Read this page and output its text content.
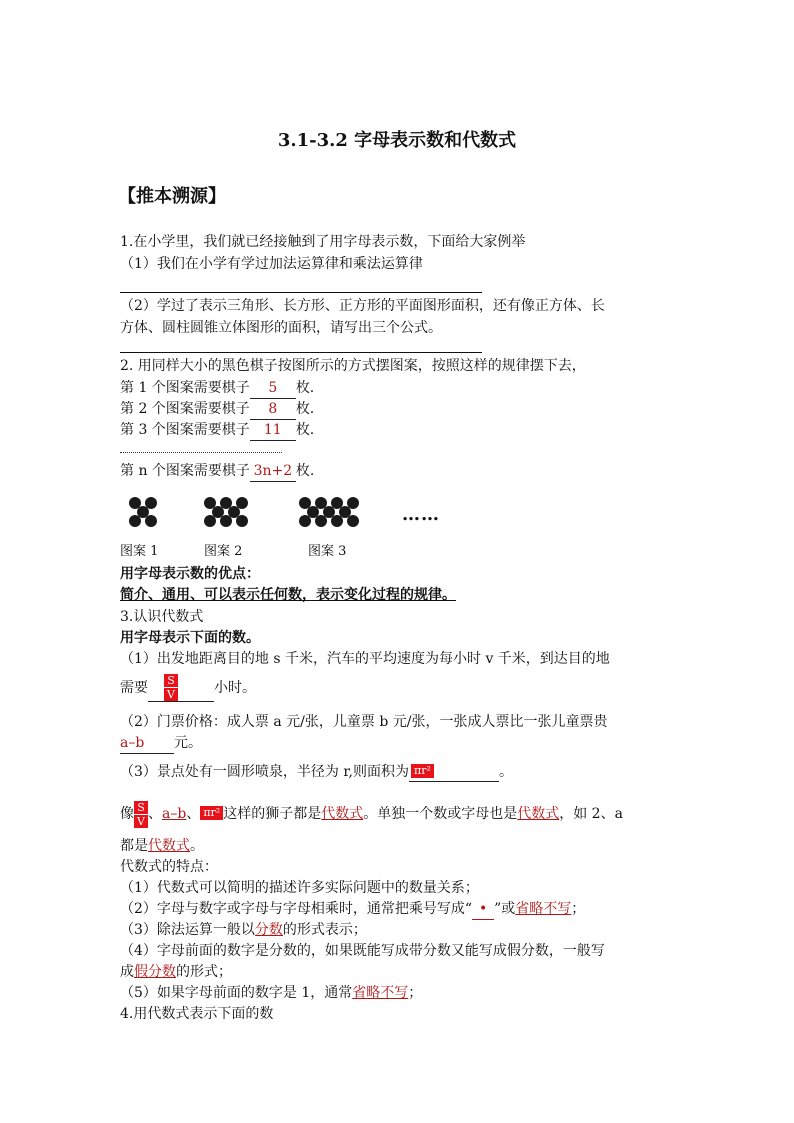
3.1-3.2 字母表示数和代数式
【推本溯源】
1.在小学里，我们就已经接触到了用字母表示数，下面给大家例举
（1）我们在小学有学过加法运算律和乘法运算律
（2）学过了表示三角形、长方形、正方形的平面图形面积，还有像正方体、长
方体、圆柱圆锥立体图形的面积，请写出三个公式。
2. 用同样大小的黑色棋子按图所示的方式摆图案，按照这样的规律摆下去，
第 1 个图案需要棋子 5 枚.
第 2 个图案需要棋子 8 枚.
第 3 个图案需要棋子 11 枚.
第 n 个图案需要棋子 3n+2 枚.
……
图案 1	图案 2	图案 3
用字母表示数的优点：
简介、通用、可以表示任何数，表示变化过程的规律。
3.认识代数式
用字母表示下面的数。
（1）出发地距离目的地 s 千米，汽车的平均速度为每小时 v 千米，到达目的地
需要 $\frac{S}{V}$	小时。
（2）门票价格：成人票 a 元/张，儿童票 b 元/张，一张成人票比一张儿童票贵
a–b 元。
（3）景点处有一圆形喷泉，半径为 r,则面积为 πr²	。
像 $\frac{S}{V}$、a–b、 πr² 这样的狮子都是代数式。单独一个数或字母也是代数式，如 2、a
都是代数式。
代数式的特点：
（1）代数式可以简明的描述许多实际问题中的数量关系；
（2）字母与数字或字母与字母相乘时，通常把乘号写成“ • ”或省略不写；
（3）除法运算一般以分数的形式表示；
（4）字母前面的数字是分数的，如果既能写成带分数又能写成假分数，一般写
成假分数的形式；
（5）如果字母前面的数字是 1，通常省略不写；
4.用代数式表示下面的数
